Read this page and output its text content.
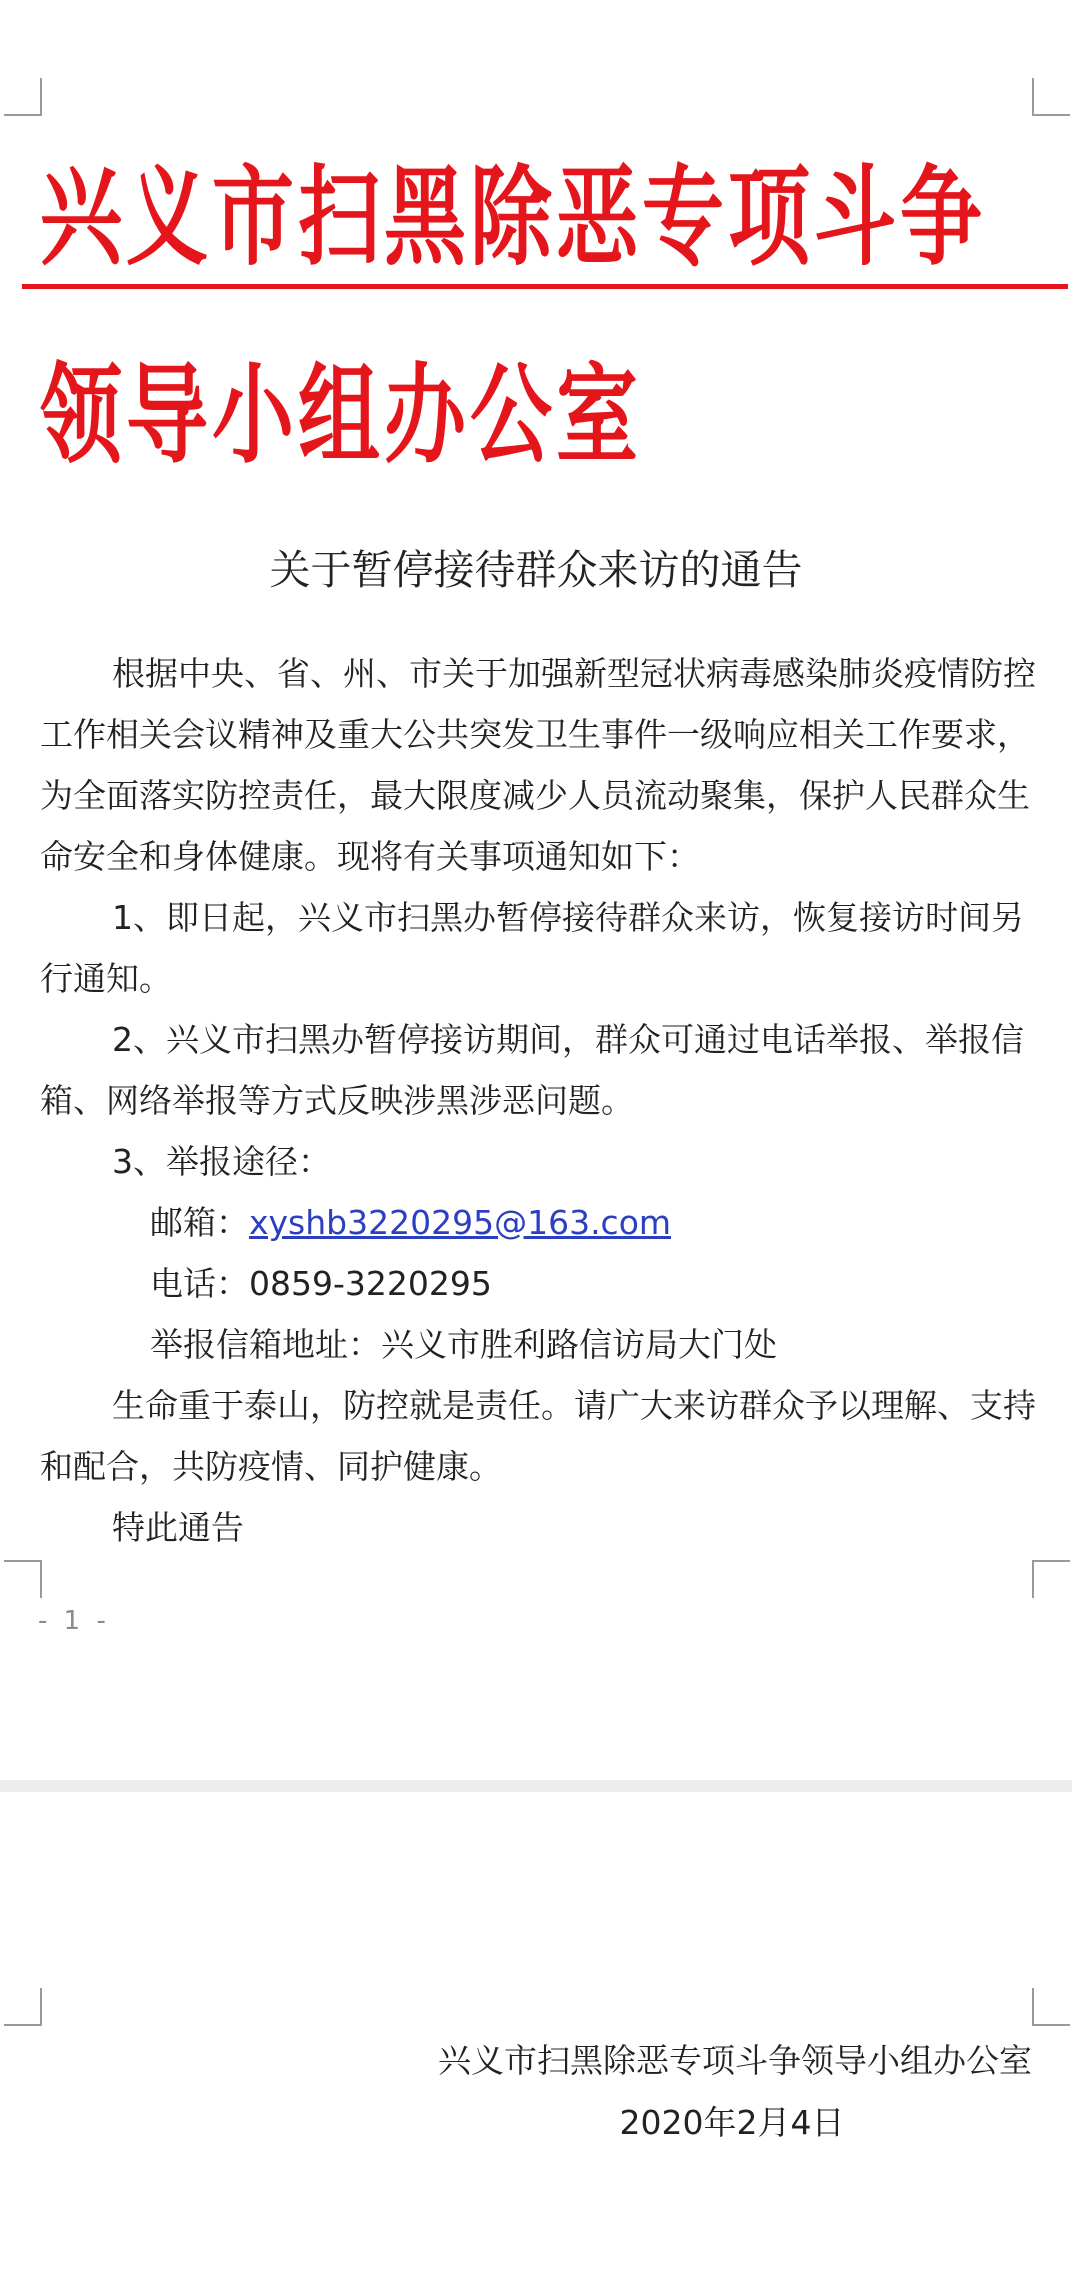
兴义市扫黑除恶专项斗争领导小组办公室
关于暂停接待群众来访的通告

根据中央、省、州、市关于加强新型冠状病毒感染肺炎疫情防控工作相关会议精神及重大公共突发卫生事件一级响应相关工作要求，为全面落实防控责任，最大限度减少人员流动聚集，保护人民群众生命安全和身体健康。现将有关事项通知如下：

1、即日起，兴义市扫黑办暂停接待群众来访，恢复接访时间另行通知。

2、兴义市扫黑办暂停接访期间，群众可通过电话举报、举报信箱、网络举报等方式反映涉黑涉恶问题。

3、举报途径：

邮箱：xyshb3220295@163.com

电话：0859-3220295

举报信箱地址：兴义市胜利路信访局大门处

生命重于泰山，防控就是责任。请广大来访群众予以理解、支持和配合，共防疫情、同护健康。

特此通告

- 1 -
兴义市扫黑除恶专项斗争领导小组办公室
2020年2月4日
